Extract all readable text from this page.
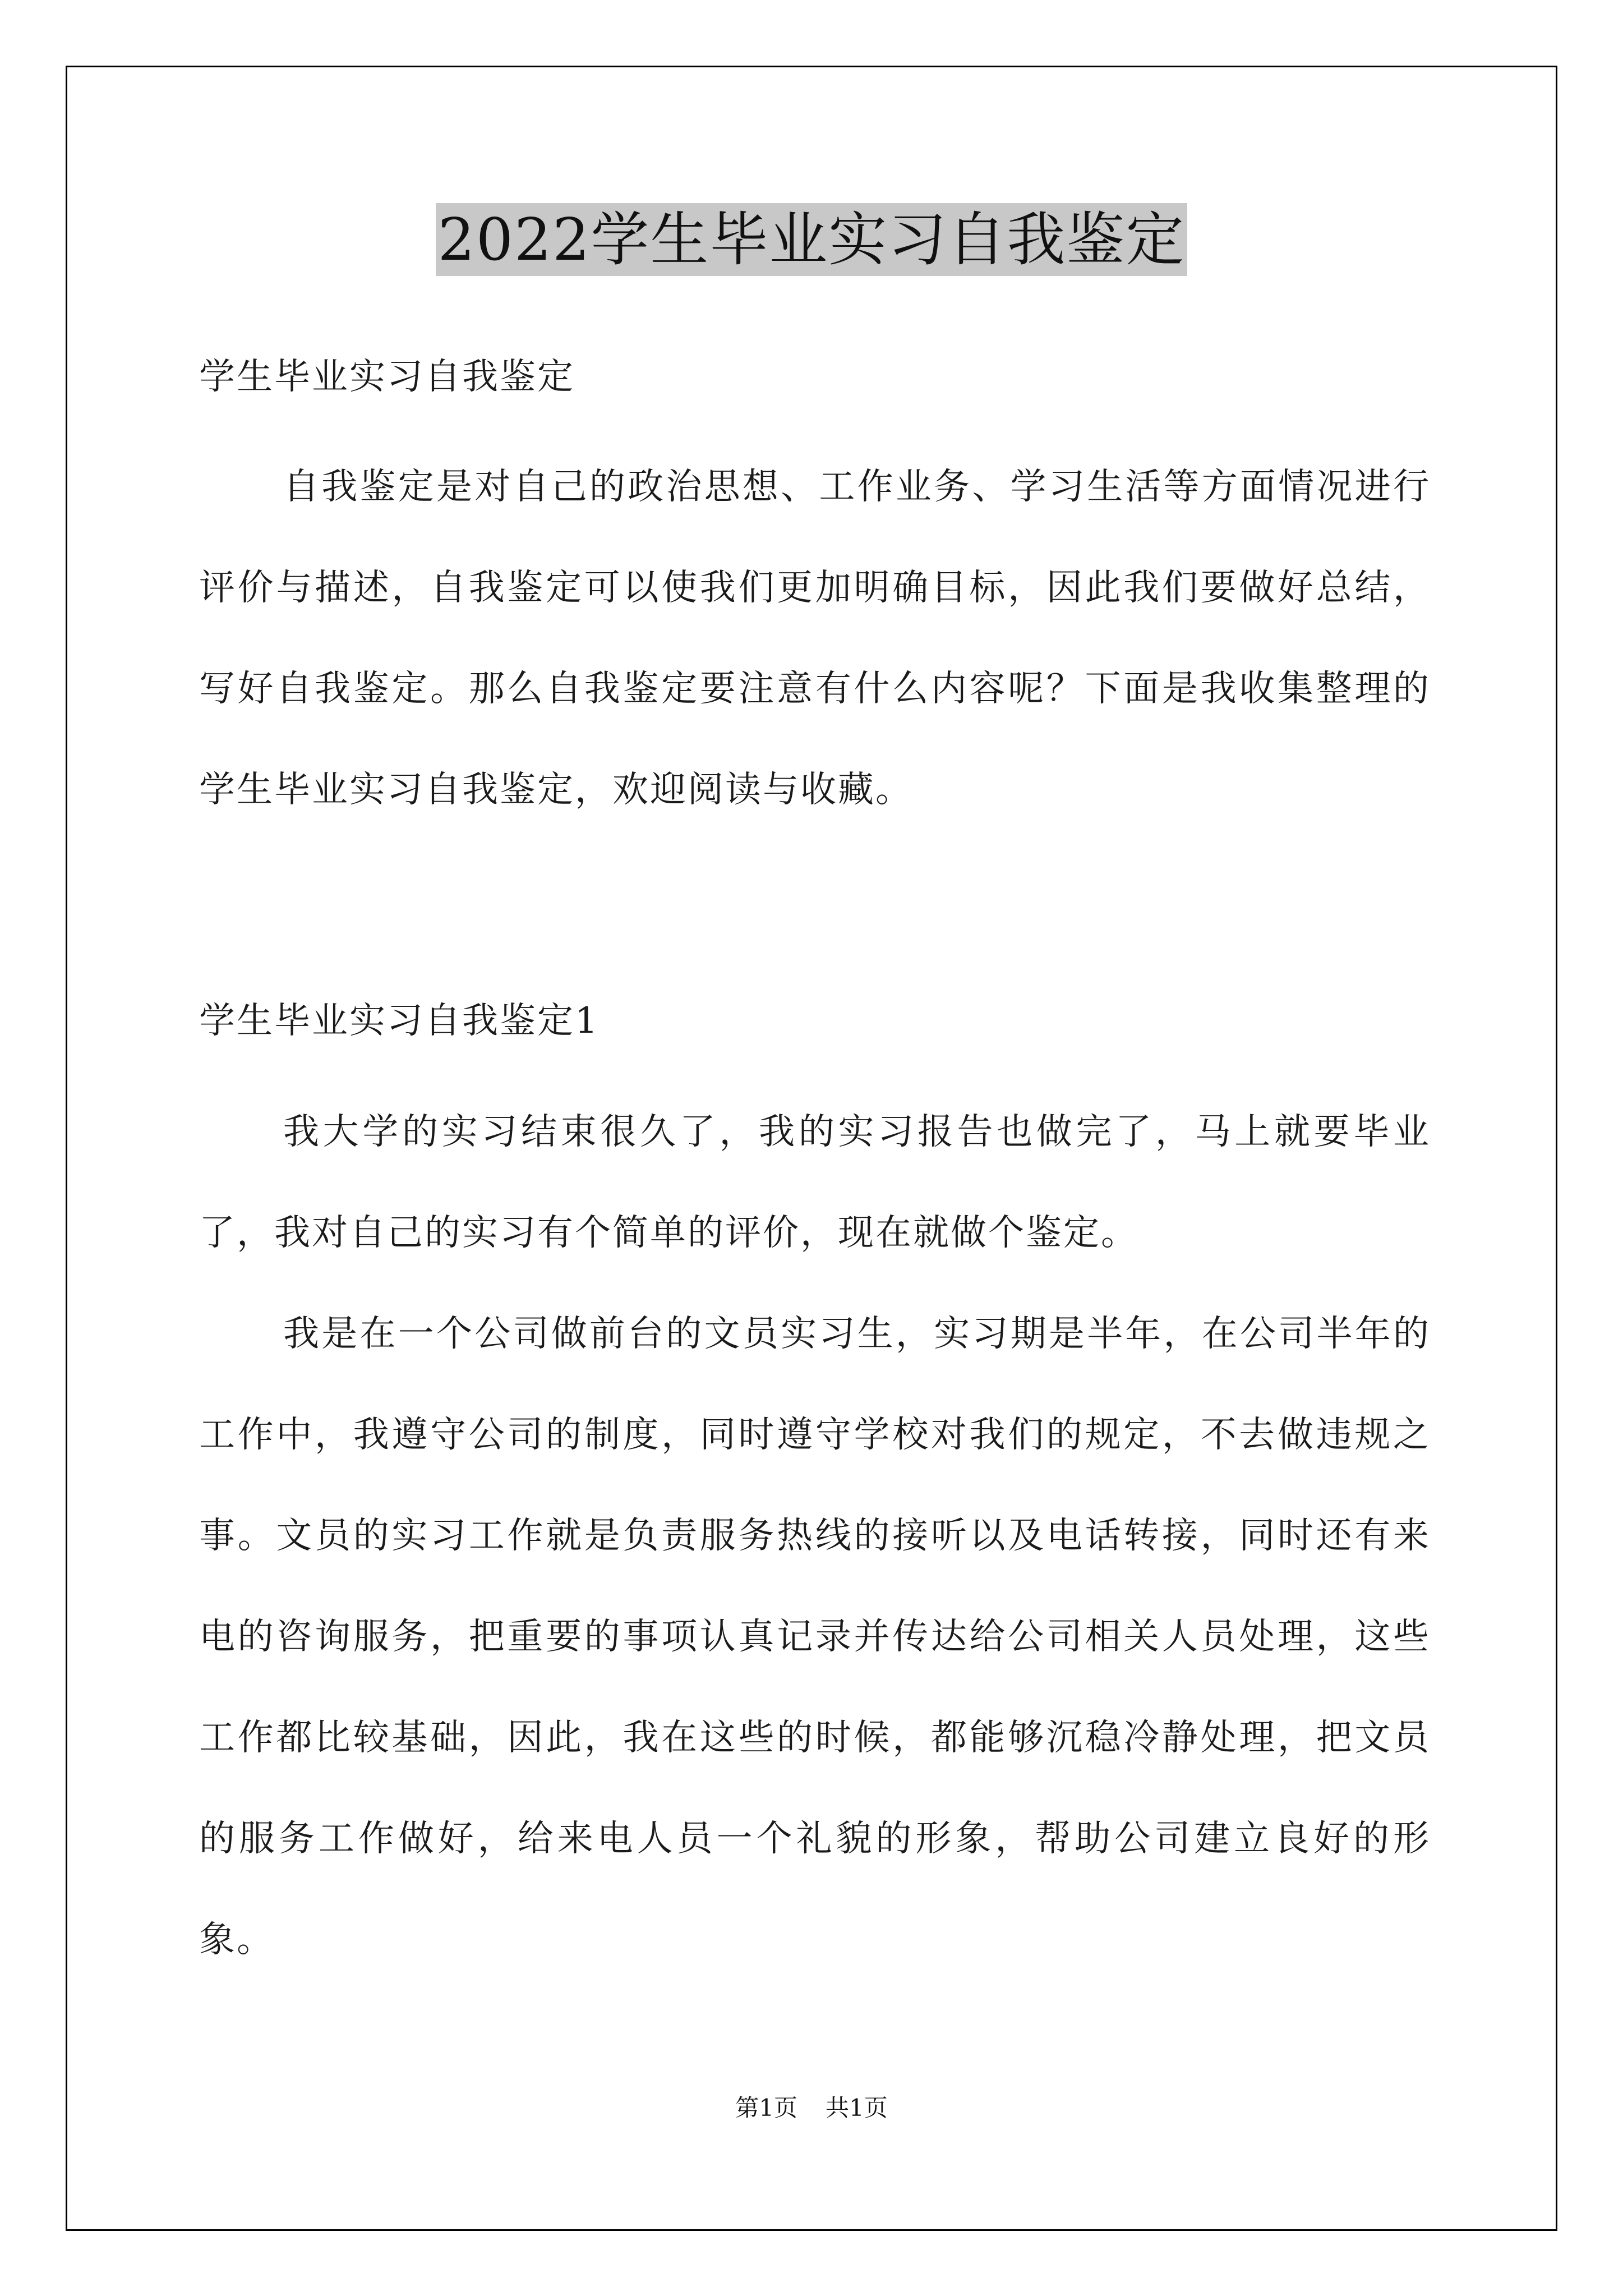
2022学生毕业实习自我鉴定
学生毕业实习自我鉴定
自我鉴定是对自己的政治思想、工作业务、学习生活等方面情况进行评价与描述，自我鉴定可以使我们更加明确目标，因此我们要做好总结，写好自我鉴定。那么自我鉴定要注意有什么内容呢？下面是我收集整理的学生毕业实习自我鉴定，欢迎阅读与收藏。
学生毕业实习自我鉴定1
我大学的实习结束很久了，我的实习报告也做完了，马上就要毕业了，我对自己的实习有个简单的评价，现在就做个鉴定。
我是在一个公司做前台的文员实习生，实习期是半年，在公司半年的工作中，我遵守公司的制度，同时遵守学校对我们的规定，不去做违规之事。文员的实习工作就是负责服务热线的接听以及电话转接，同时还有来电的咨询服务，把重要的事项认真记录并传达给公司相关人员处理，这些工作都比较基础，因此，我在这些的时候，都能够沉稳冷静处理，把文员的服务工作做好，给来电人员一个礼貌的形象，帮助公司建立良好的形象。
第1页 共1页
